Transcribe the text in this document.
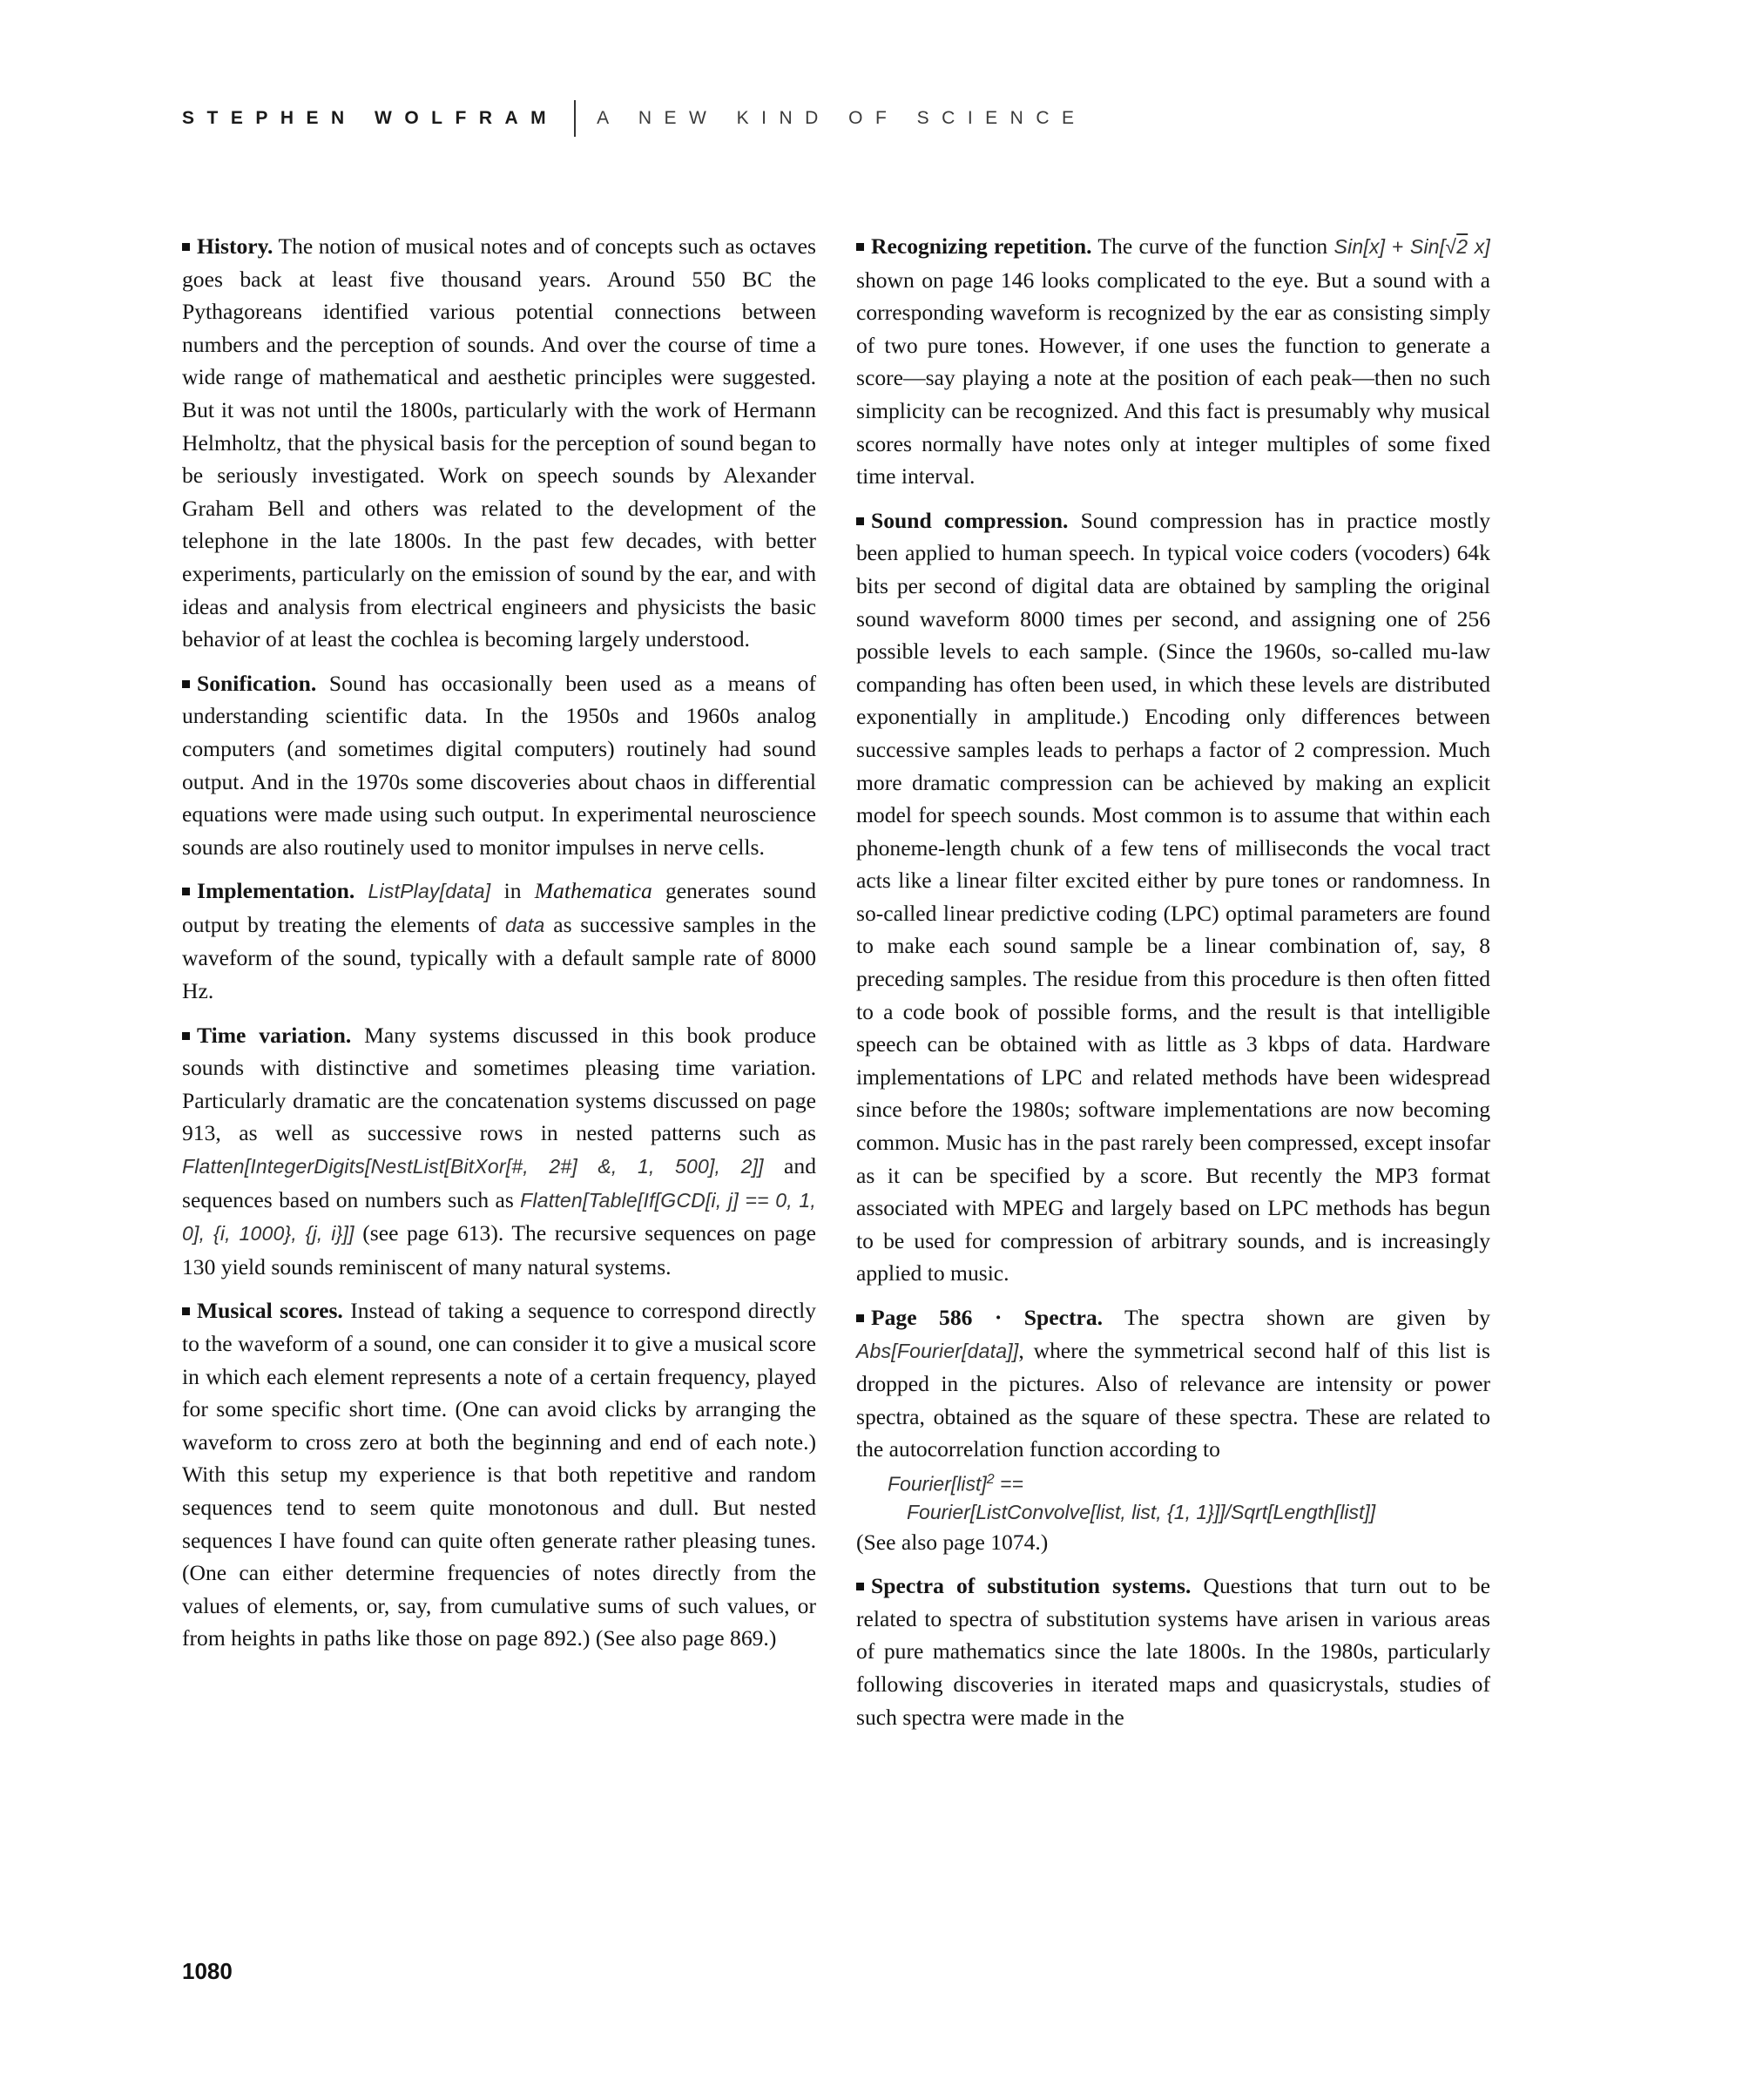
STEPHEN WOLFRAM A NEW KIND OF SCIENCE

History. The notion of musical notes and of concepts such as octaves goes back at least five thousand years. Around 550 BC the Pythagoreans identified various potential connections between numbers and the perception of sounds. And over the course of time a wide range of mathematical and aesthetic principles were suggested. But it was not until the 1800s, particularly with the work of Hermann Helmholtz, that the physical basis for the perception of sound began to be seriously investigated. Work on speech sounds by Alexander Graham Bell and others was related to the development of the telephone in the late 1800s. In the past few decades, with better experiments, particularly on the emission of sound by the ear, and with ideas and analysis from electrical engineers and physicists the basic behavior of at least the cochlea is becoming largely understood.

Sonification. Sound has occasionally been used as a means of understanding scientific data. In the 1950s and 1960s analog computers (and sometimes digital computers) routinely had sound output. And in the 1970s some discoveries about chaos in differential equations were made using such output. In experimental neuroscience sounds are also routinely used to monitor impulses in nerve cells.

Implementation. ListPlay[data] in Mathematica generates sound output by treating the elements of data as successive samples in the waveform of the sound, typically with a default sample rate of 8000 Hz.

Time variation. Many systems discussed in this book produce sounds with distinctive and sometimes pleasing time variation. Particularly dramatic are the concatenation systems discussed on page 913, as well as successive rows in nested patterns such as Flatten[IntegerDigits[NestList[BitXor[#, 2#] &, 1, 500], 2]] and sequences based on numbers such as Flatten[Table[If[GCD[i, j] == 0, 1, 0], {i, 1000}, {j, i}]] (see page 613). The recursive sequences on page 130 yield sounds reminiscent of many natural systems.

Musical scores. Instead of taking a sequence to correspond directly to the waveform of a sound, one can consider it to give a musical score in which each element represents a note of a certain frequency, played for some specific short time. (One can avoid clicks by arranging the waveform to cross zero at both the beginning and end of each note.) With this setup my experience is that both repetitive and random sequences tend to seem quite monotonous and dull. But nested sequences I have found can quite often generate rather pleasing tunes. (One can either determine frequencies of notes directly from the values of elements, or, say, from cumulative sums of such values, or from heights in paths like those on page 892.) (See also page 869.)

Recognizing repetition. The curve of the function Sin[x] + Sin[√2 x] shown on page 146 looks complicated to the eye. But a sound with a corresponding waveform is recognized by the ear as consisting simply of two pure tones. However, if one uses the function to generate a score—say playing a note at the position of each peak—then no such simplicity can be recognized. And this fact is presumably why musical scores normally have notes only at integer multiples of some fixed time interval.

Sound compression. Sound compression has in practice mostly been applied to human speech. In typical voice coders (vocoders) 64k bits per second of digital data are obtained by sampling the original sound waveform 8000 times per second, and assigning one of 256 possible levels to each sample. (Since the 1960s, so-called mu-law companding has often been used, in which these levels are distributed exponentially in amplitude.) Encoding only differences between successive samples leads to perhaps a factor of 2 compression. Much more dramatic compression can be achieved by making an explicit model for speech sounds. Most common is to assume that within each phoneme-length chunk of a few tens of milliseconds the vocal tract acts like a linear filter excited either by pure tones or randomness. In so-called linear predictive coding (LPC) optimal parameters are found to make each sound sample be a linear combination of, say, 8 preceding samples. The residue from this procedure is then often fitted to a code book of possible forms, and the result is that intelligible speech can be obtained with as little as 3 kbps of data. Hardware implementations of LPC and related methods have been widespread since before the 1980s; software implementations are now becoming common. Music has in the past rarely been compressed, except insofar as it can be specified by a score. But recently the MP3 format associated with MPEG and largely based on LPC methods has begun to be used for compression of arbitrary sounds, and is increasingly applied to music.

Page 586 · Spectra. The spectra shown are given by Abs[Fourier[data]], where the symmetrical second half of this list is dropped in the pictures. Also of relevance are intensity or power spectra, obtained as the square of these spectra. These are related to the autocorrelation function according to
Fourier[list]$^2$ ==
Fourier[ListConvolve[list, list, {1, 1}]]/Sqrt[Length[list]]
(See also page 1074.)

Spectra of substitution systems. Questions that turn out to be related to spectra of substitution systems have arisen in various areas of pure mathematics since the late 1800s. In the 1980s, particularly following discoveries in iterated maps and quasicrystals, studies of such spectra were made in the

1080
